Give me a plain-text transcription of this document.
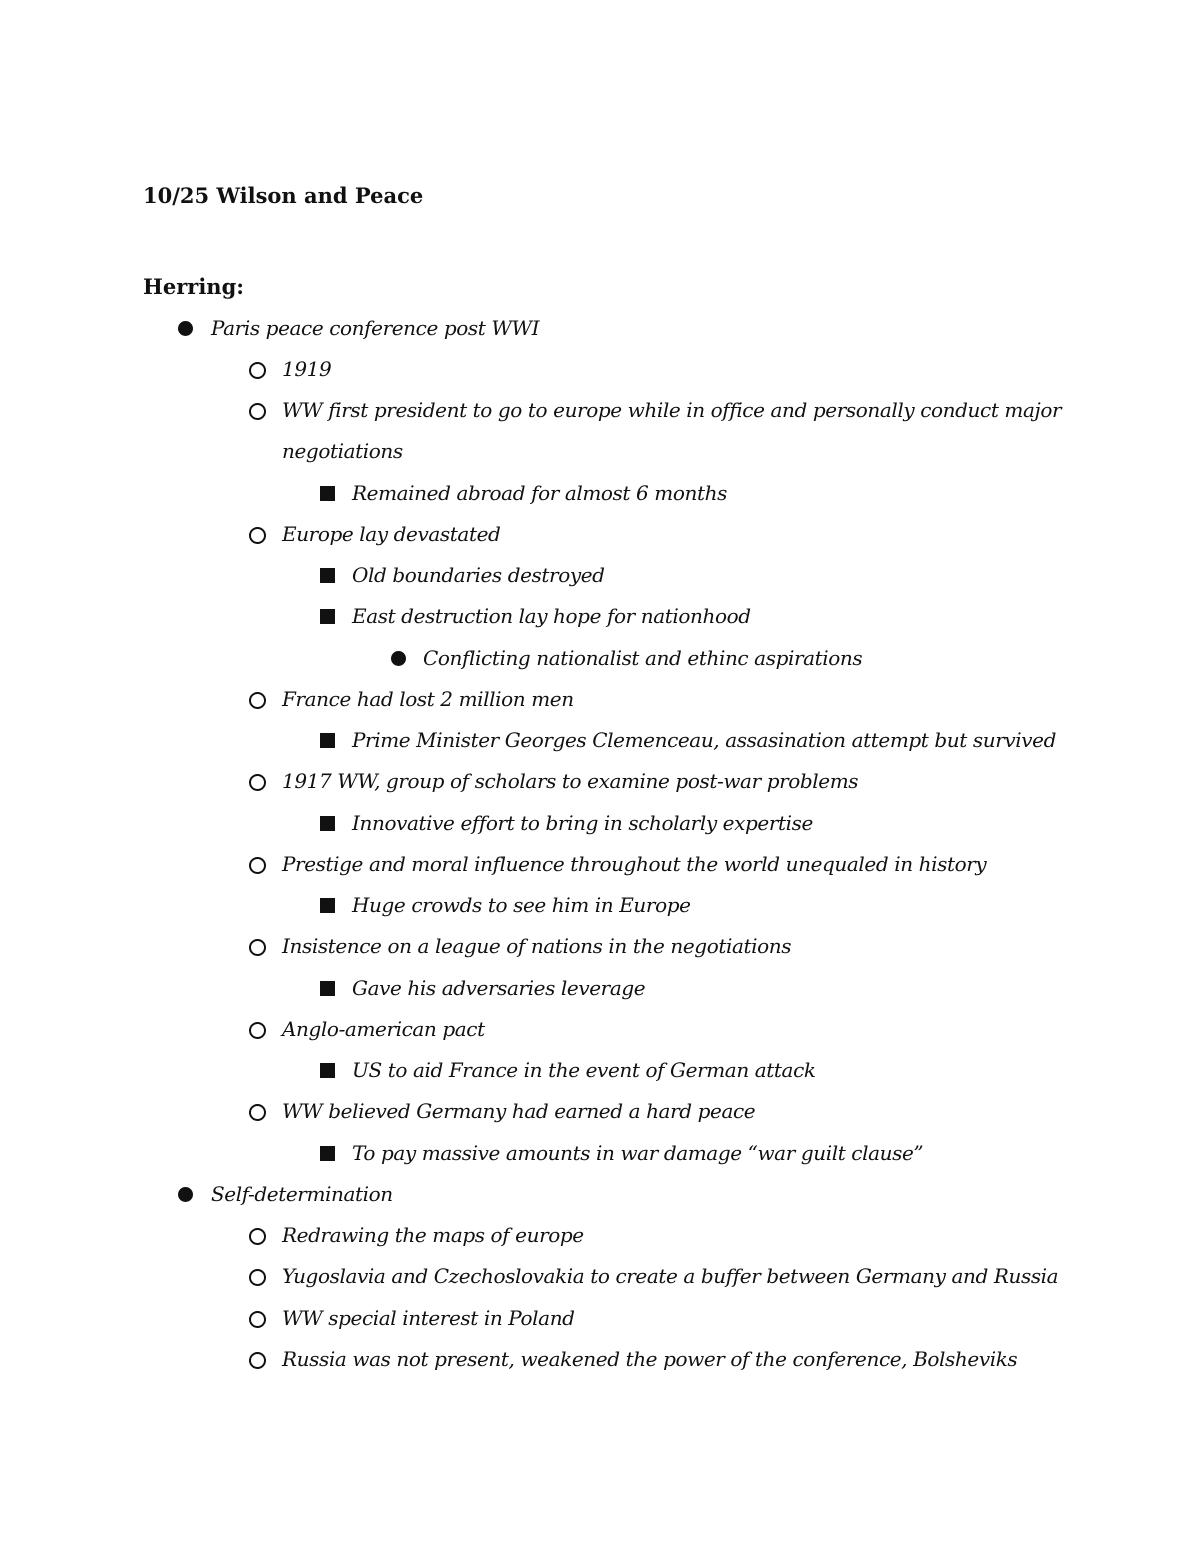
10/25 Wilson and Peace
Herring:
Paris peace conference post WWI
1919
WW first president to go to europe while in office and personally conduct major
negotiations
Remained abroad for almost 6 months
Europe lay devastated
Old boundaries destroyed
East destruction lay hope for nationhood
Conflicting nationalist and ethinc aspirations
France had lost 2 million men
Prime Minister Georges Clemenceau, assasination attempt but survived
1917 WW, group of scholars to examine post-war problems
Innovative effort to bring in scholarly expertise
Prestige and moral influence throughout the world unequaled in history
Huge crowds to see him in Europe
Insistence on a league of nations in the negotiations
Gave his adversaries leverage
Anglo-american pact
US to aid France in the event of German attack
WW believed Germany had earned a hard peace
To pay massive amounts in war damage “war guilt clause”
Self-determination
Redrawing the maps of europe
Yugoslavia and Czechoslovakia to create a buffer between Germany and Russia
WW special interest in Poland
Russia was not present, weakened the power of the conference, Bolsheviks
